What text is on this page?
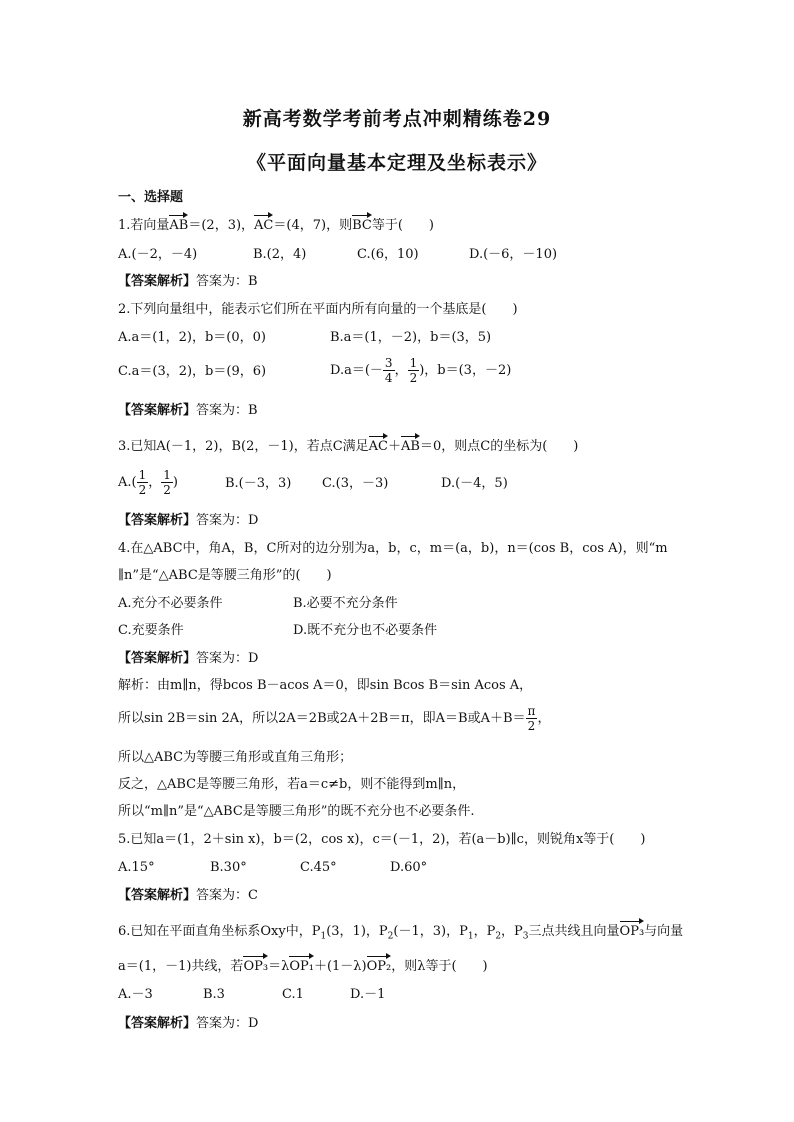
新高考数学考前考点冲刺精练卷29
《平面向量基本定理及坐标表示》
一、选择题
1.若向量AB＝(2，3)，AC＝(4，7)，则BC等于(　　)
A.(－2，－4)	B.(2，4)	C.(6，10)	D.(－6，－10)
【答案解析】答案为：B
2.下列向量组中，能表示它们所在平面内所有向量的一个基底是(　　)
A.a＝(1，2)，b＝(0，0)	B.a＝(1，－2)，b＝(3，5)
C.a＝(3，2)，b＝(9，6)	$D.a=(- \frac{3}{4}$ ， $\frac{1}{2}$ )，b＝(3，－2)
【答案解析】答案为：B
3.已知A(－1，2)，B(2，－1)，若点C满足AC＋AB＝0，则点C的坐标为(　　)
$A.( \frac{1}{2}$ ， $\frac{1}{2}$ )	B.(－3，3) C.(3，－3)	D.(－4，5)
【答案解析】答案为：D
4.在△ABC中，角A，B，C所对的边分别为a，b，c，m＝(a，b)，n＝(cos B，cos A)，则“m
∥n”是“△ABC是等腰三角形”的(　　)
A.充分不必要条件	B.必要不充分条件
C.充要条件	D.既不充分也不必要条件
【答案解析】答案为：D
解析：由m∥n，得bcos B－acos A＝0，即sin Bcos B＝sin Acos A，
所以sin 2B＝sin 2A，所以2A＝2B或2A＋2B＝π，即A＝B或$A+B= \frac{\pi}{2}$ ，
所以△ABC为等腰三角形或直角三角形；
反之，△ABC是等腰三角形，若a＝c≠b，则不能得到m∥n，
所以“m∥n”是“△ABC是等腰三角形”的既不充分也不必要条件.
5.已知a＝(1，2＋sin x)，b＝(2，cos x)，c＝(－1，2)，若(a－b)∥c，则锐角x等于(　　)
A.15°	B.30°	C.45°	D.60°
【答案解析】答案为：C
6.已知在平面直角坐标系Oxy中，$P_1(3$，1)，$P_2(-1$，3)，$P_1$，$P_2$，$P_3$三点共线且向量OP₃与向量
a＝(1，－1)共线，若OP₃＝λOP₁＋(1－λ)OP₂，则λ等于(　　)
A.－3	B.3	C.1	D.－1
【答案解析】答案为：D
